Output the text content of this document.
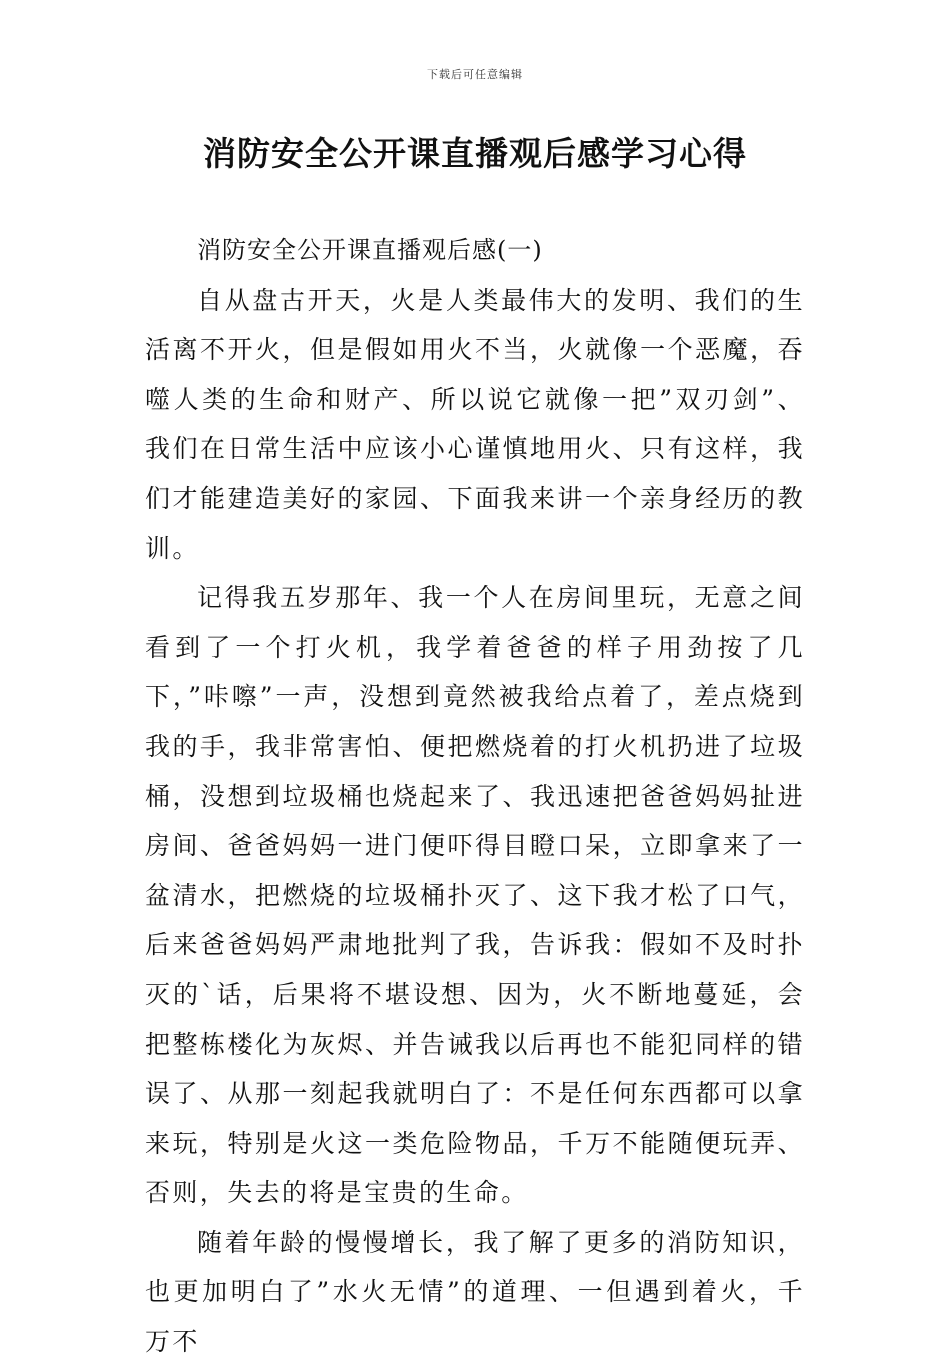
下载后可任意编辑
消防安全公开课直播观后感学习心得

消防安全公开课直播观后感(一)

自从盘古开天，火是人类最伟大的发明、我们的生活离不开火，但是假如用火不当，火就像一个恶魔，吞噬人类的生命和财产、所以说它就像一把”双刃剑”、我们在日常生活中应该小心谨慎地用火、只有这样，我们才能建造美好的家园、下面我来讲一个亲身经历的教训。

记得我五岁那年、我一个人在房间里玩，无意之间看到了一个打火机，我学着爸爸的样子用劲按了几下，”咔嚓”一声，没想到竟然被我给点着了，差点烧到我的手，我非常害怕、便把燃烧着的打火机扔进了垃圾桶，没想到垃圾桶也烧起来了、我迅速把爸爸妈妈扯进房间、爸爸妈妈一进门便吓得目瞪口呆，立即拿来了一盆清水，把燃烧的垃圾桶扑灭了、这下我才松了口气，后来爸爸妈妈严肃地批判了我，告诉我：假如不及时扑灭的`话，后果将不堪设想、因为，火不断地蔓延，会把整栋楼化为灰烬、并告诫我以后再也不能犯同样的错误了、从那一刻起我就明白了：不是任何东西都可以拿来玩，特别是火这一类危险物品，千万不能随便玩弄、否则，失去的将是宝贵的生命。

随着年龄的慢慢增长，我了解了更多的消防知识，也更加明白了”水火无情”的道理、一但遇到着火，千万不
